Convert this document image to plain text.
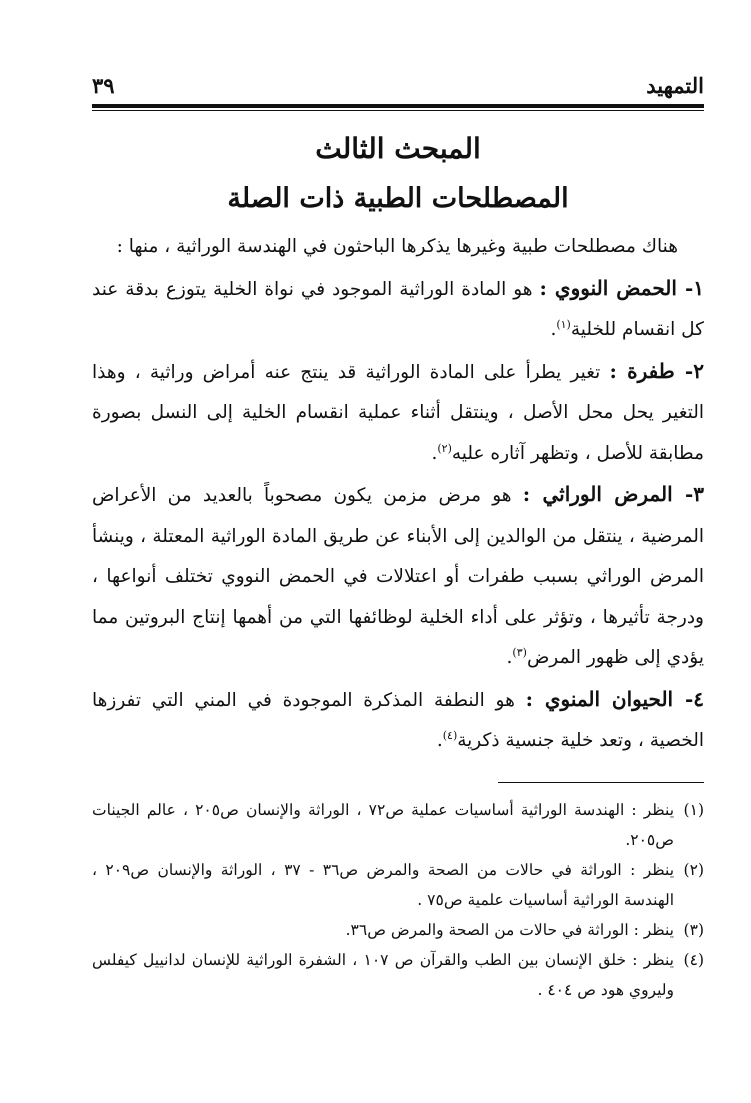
التمهيد
٣٩
المبحث الثالث
المصطلحات الطبية ذات الصلة

هناك مصطلحات طبية وغيرها يذكرها الباحثون في الهندسة الوراثية ، منها :

١- الحمض النووي : هو المادة الوراثية الموجود في نواة الخلية يتوزع بدقة عند كل انقسام للخلية$^{(١)}$.

٢- طفرة : تغير يطرأ على المادة الوراثية قد ينتج عنه أمراض وراثية ، وهذا التغير يحل محل الأصل ، وينتقل أثناء عملية انقسام الخلية إلى النسل بصورة مطابقة للأصل ، وتظهر آثاره عليه$^{(٢)}$.

٣- المرض الوراثي : هو مرض مزمن يكون مصحوباً بالعديد من الأعراض المرضية ، ينتقل من الوالدين إلى الأبناء عن طريق المادة الوراثية المعتلة ، وينشأ المرض الوراثي بسبب طفرات أو اعتلالات في الحمض النووي تختلف أنواعها ، ودرجة تأثيرها ، وتؤثر على أداء الخلية لوظائفها التي من أهمها إنتاج البروتين مما يؤدي إلى ظهور المرض$^{(٣)}$.

٤- الحيوان المنوي : هو النطفة المذكرة الموجودة في المني التي تفرزها الخصية ، وتعد خلية جنسية ذكرية$^{(٤)}$.

(١)
ينظر : الهندسة الوراثية أساسيات عملية ص٧٢ ، الوراثة والإنسان ص٢٠٥ ، عالم الجينات ص٢٠٥.
(٢)
ينظر : الوراثة في حالات من الصحة والمرض ص٣٦ - ٣٧ ، الوراثة والإنسان ص٢٠٩ ، الهندسة الوراثية أساسيات علمية ص٧٥ .
(٣)
ينظر : الوراثة في حالات من الصحة والمرض ص٣٦.
(٤)
ينظر : خلق الإنسان بين الطب والقرآن ص ١٠٧ ، الشفرة الوراثية للإنسان لدانييل كيفلس وليروي هود ص ٤٠٤ .
